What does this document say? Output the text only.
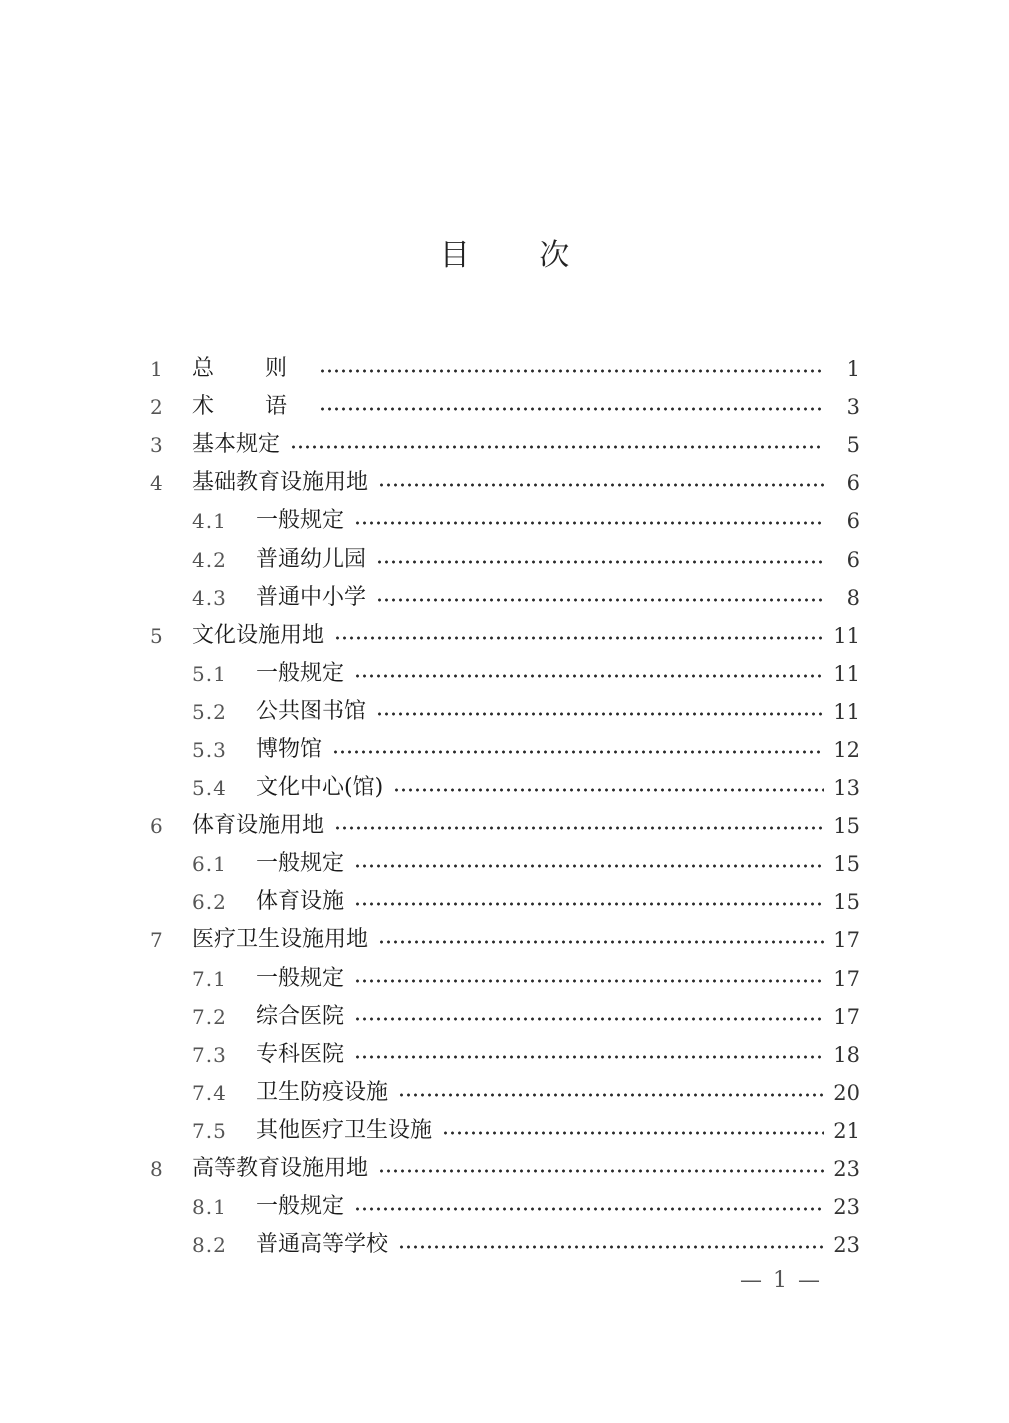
目 次
1	总 则	1
2	术 语	3
3	基本规定	5
4	基础教育设施用地	6
4.1	一般规定	6
4.2	普通幼儿园	6
4.3	普通中小学	8
5	文化设施用地	11
5.1	一般规定	11
5.2	公共图书馆	11
5.3	博物馆	12
5.4	文化中心(馆)	13
6	体育设施用地	15
6.1	一般规定	15
6.2	体育设施	15
7	医疗卫生设施用地	17
7.1	一般规定	17
7.2	综合医院	17
7.3	专科医院	18
7.4	卫生防疫设施	20
7.5	其他医疗卫生设施	21
8	高等教育设施用地	23
8.1	一般规定	23
8.2	普通高等学校	23
— 1 —
